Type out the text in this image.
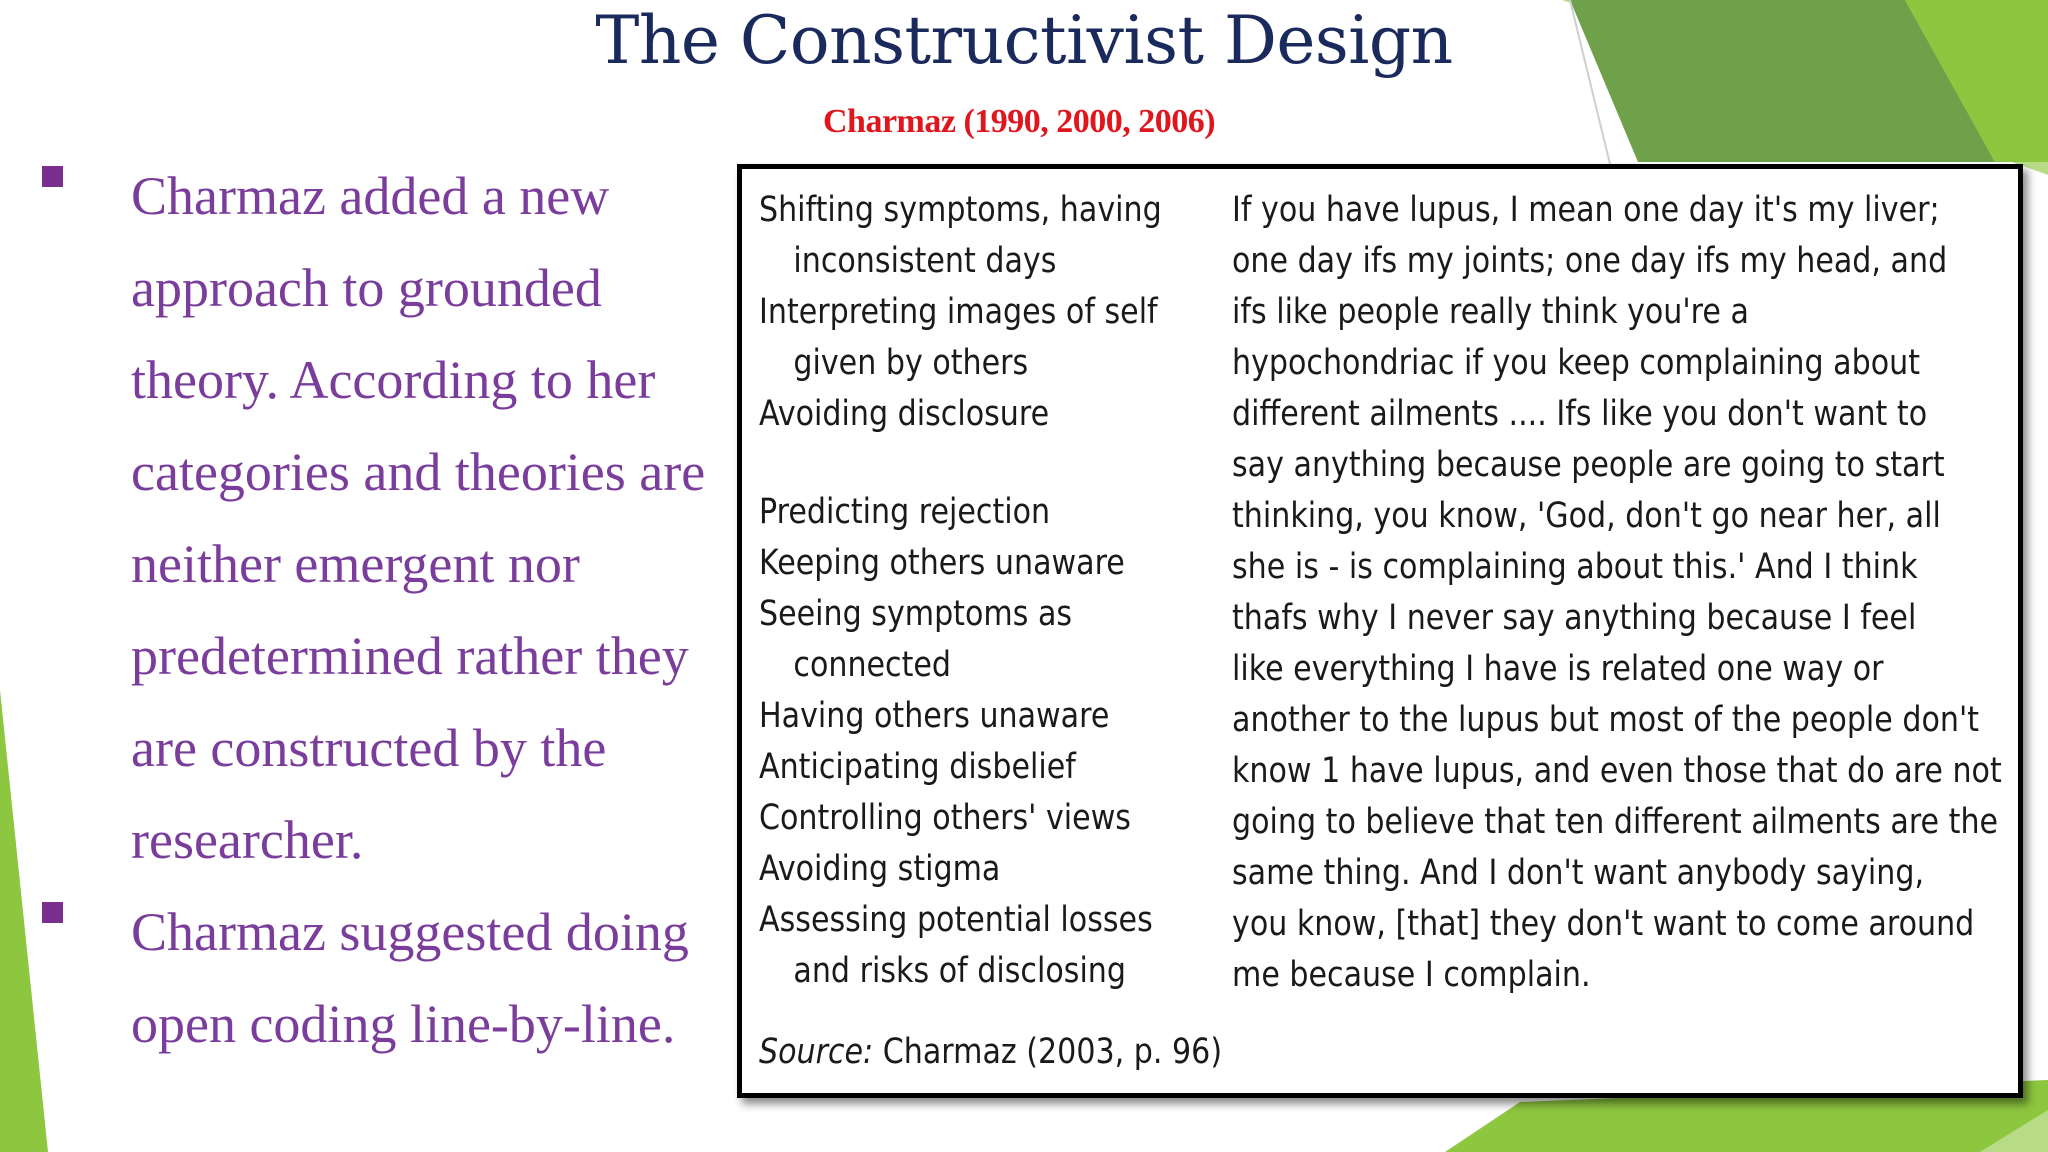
The Constructivist Design
Charmaz (1990, 2000, 2006)
Charmaz added a new approach to grounded theory. According to her categories and theories are neither emergent nor predetermined rather they are constructed by the researcher.
Charmaz suggested doing open coding line-by-line.
Shifting symptoms, having
inconsistent days
Interpreting images of self
given by others
Avoiding disclosure
Predicting rejection
Keeping others unaware
Seeing symptoms as
connected
Having others unaware
Anticipating disbelief
Controlling others' views
Avoiding stigma
Assessing potential losses
and risks of disclosing
If you have lupus, I mean one day it's my liver;
one day ifs my joints; one day ifs my head, and
ifs like people really think you're a
hypochondriac if you keep complaining about
different ailments .... Ifs like you don't want to
say anything because people are going to start
thinking, you know, 'God, don't go near her, all
she is - is complaining about this.' And I think
thafs why I never say anything because I feel
like everything I have is related one way or
another to the lupus but most of the people don't
know 1 have lupus, and even those that do are not
going to believe that ten different ailments are the
same thing. And I don't want anybody saying,
you know, [that] they don't want to come around
me because I complain.
Source: Charmaz (2003, p. 96)
